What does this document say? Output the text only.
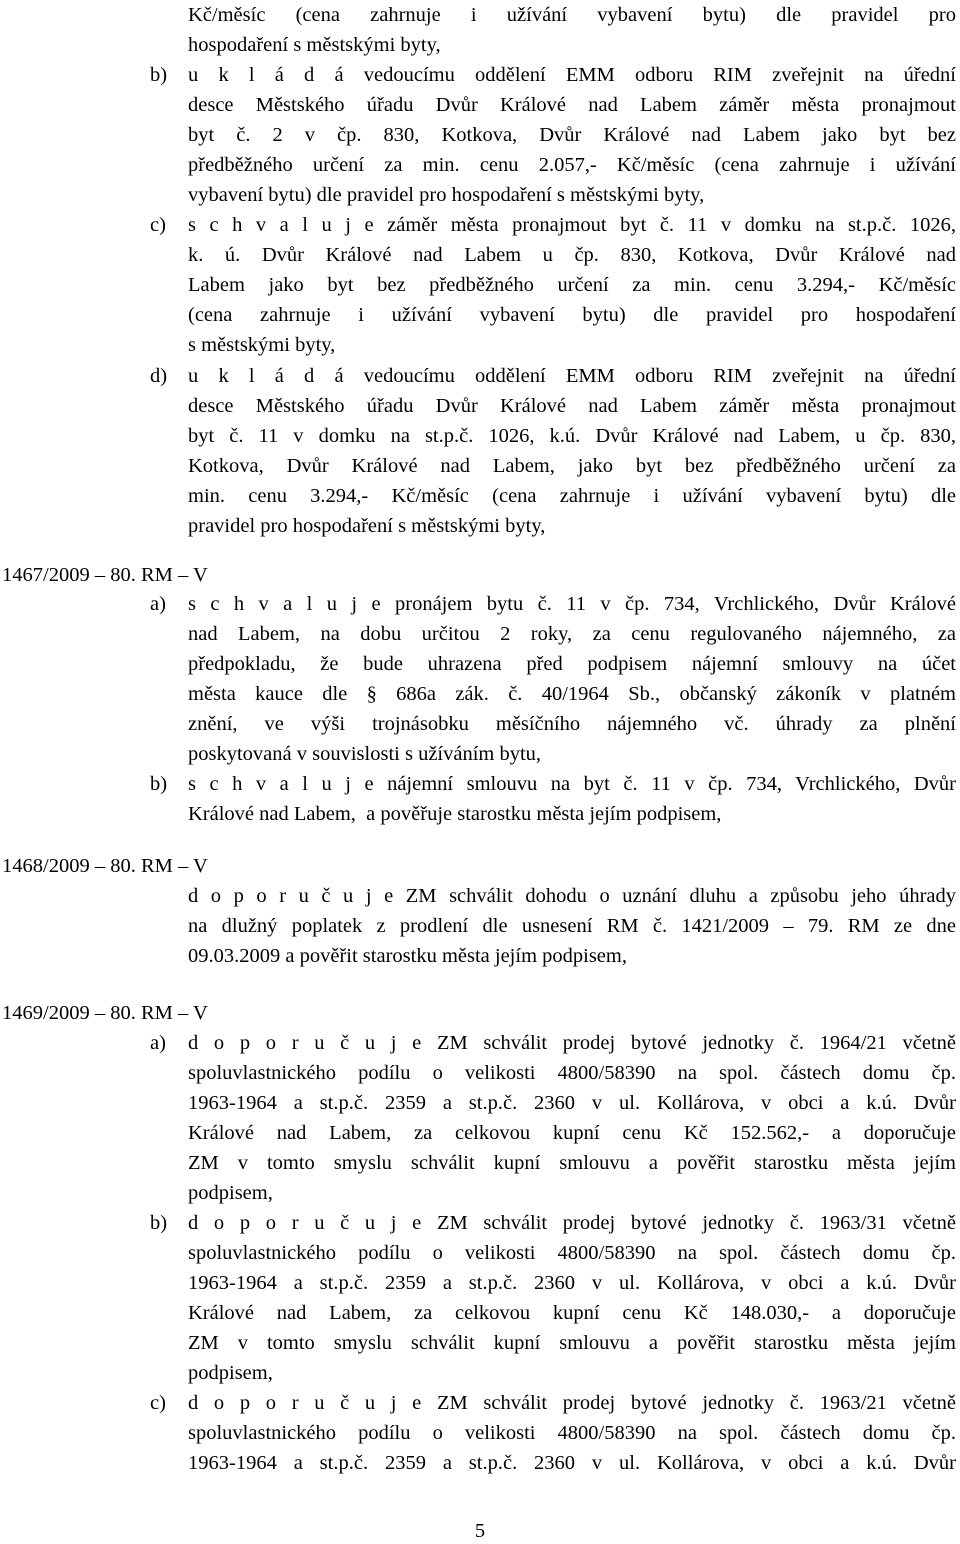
Kč/měsíc (cena zahrnuje i užívání vybavení bytu) dle pravidel pro
hospodaření s městskými byty,
b) u k l á d á vedoucímu oddělení EMM odboru RIM zveřejnit na úřední
desce Městského úřadu Dvůr Králové nad Labem záměr města pronajmout
byt č. 2 v čp. 830, Kotkova, Dvůr Králové nad Labem jako byt bez
předběžného určení za min. cenu 2.057,- Kč/měsíc (cena zahrnuje i užívání
vybavení bytu) dle pravidel pro hospodaření s městskými byty,
c) s c h v a l u j e záměr města pronajmout byt č. 11 v domku na st.p.č. 1026,
k. ú. Dvůr Králové nad Labem u čp. 830, Kotkova, Dvůr Králové nad
Labem jako byt bez předběžného určení za min. cenu 3.294,- Kč/měsíc
(cena zahrnuje i užívání vybavení bytu) dle pravidel pro hospodaření
s městskými byty,
d) u k l á d á vedoucímu oddělení EMM odboru RIM zveřejnit na úřední
desce Městského úřadu Dvůr Králové nad Labem záměr města pronajmout
byt č. 11 v domku na st.p.č. 1026, k.ú. Dvůr Králové nad Labem, u čp. 830,
Kotkova, Dvůr Králové nad Labem, jako byt bez předběžného určení za
min. cenu 3.294,- Kč/měsíc (cena zahrnuje i užívání vybavení bytu) dle
pravidel pro hospodaření s městskými byty,
1467/2009 – 80. RM – V
a) s c h v a l u j e pronájem bytu č. 11 v čp. 734, Vrchlického, Dvůr Králové
nad Labem, na dobu určitou 2 roky, za cenu regulovaného nájemného, za
předpokladu, že bude uhrazena před podpisem nájemní smlouvy na účet
města kauce dle § 686a zák. č. 40/1964 Sb., občanský zákoník v platném
znění, ve výši trojnásobku měsíčního nájemného vč. úhrady za plnění
poskytovaná v souvislosti s užíváním bytu,
b) s c h v a l u j e nájemní smlouvu na byt č. 11 v čp. 734, Vrchlického, Dvůr
Králové nad Labem,  a pověřuje starostku města jejím podpisem,
1468/2009 – 80. RM – V
d o p o r u č u j e ZM schválit dohodu o uznání dluhu a způsobu jeho úhrady
na dlužný poplatek z prodlení dle usnesení RM č. 1421/2009 – 79. RM ze dne
09.03.2009 a pověřit starostku města jejím podpisem,
1469/2009 – 80. RM – V
a) d o p o r u č u j e ZM schválit prodej bytové jednotky č. 1964/21 včetně
spoluvlastnického podílu o velikosti 4800/58390 na spol. částech domu čp.
1963-1964 a st.p.č. 2359 a st.p.č. 2360 v ul. Kollárova, v obci a k.ú. Dvůr
Králové nad Labem, za celkovou kupní cenu Kč 152.562,- a doporučuje
ZM v tomto smyslu schválit kupní smlouvu a pověřit starostku města jejím
podpisem,
b) d o p o r u č u j e ZM schválit prodej bytové jednotky č. 1963/31 včetně
spoluvlastnického podílu o velikosti 4800/58390 na spol. částech domu čp.
1963-1964 a st.p.č. 2359 a st.p.č. 2360 v ul. Kollárova, v obci a k.ú. Dvůr
Králové nad Labem, za celkovou kupní cenu Kč 148.030,- a doporučuje
ZM v tomto smyslu schválit kupní smlouvu a pověřit starostku města jejím
podpisem,
c) d o p o r u č u j e ZM schválit prodej bytové jednotky č. 1963/21 včetně
spoluvlastnického podílu o velikosti 4800/58390 na spol. částech domu čp.
1963-1964 a st.p.č. 2359 a st.p.č. 2360 v ul. Kollárova, v obci a k.ú. Dvůr
5
